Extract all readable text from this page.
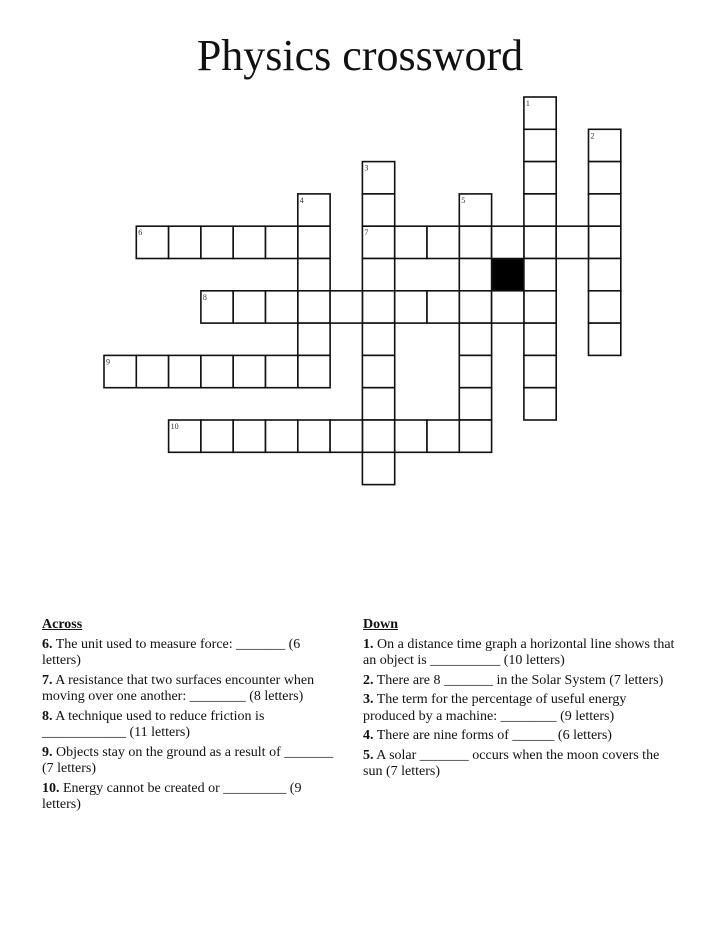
Physics crossword
1
2
3
4	5
6	7
8
9
10
Across
6. The unit used to measure force: _______ (6 letters)
7. A resistance that two surfaces encounter when moving over one another: ________ (8 letters)
8. A technique used to reduce friction is ____________ (11 letters)
9. Objects stay on the ground as a result of _______ (7 letters)
10. Energy cannot be created or _________ (9 letters)
Down
1. On a distance time graph a horizontal line shows that an object is __________ (10 letters)
2. There are 8 _______ in the Solar System (7 letters)
3. The term for the percentage of useful energy produced by a machine: ________ (9 letters)
4. There are nine forms of ______ (6 letters)
5. A solar _______ occurs when the moon covers the sun (7 letters)
